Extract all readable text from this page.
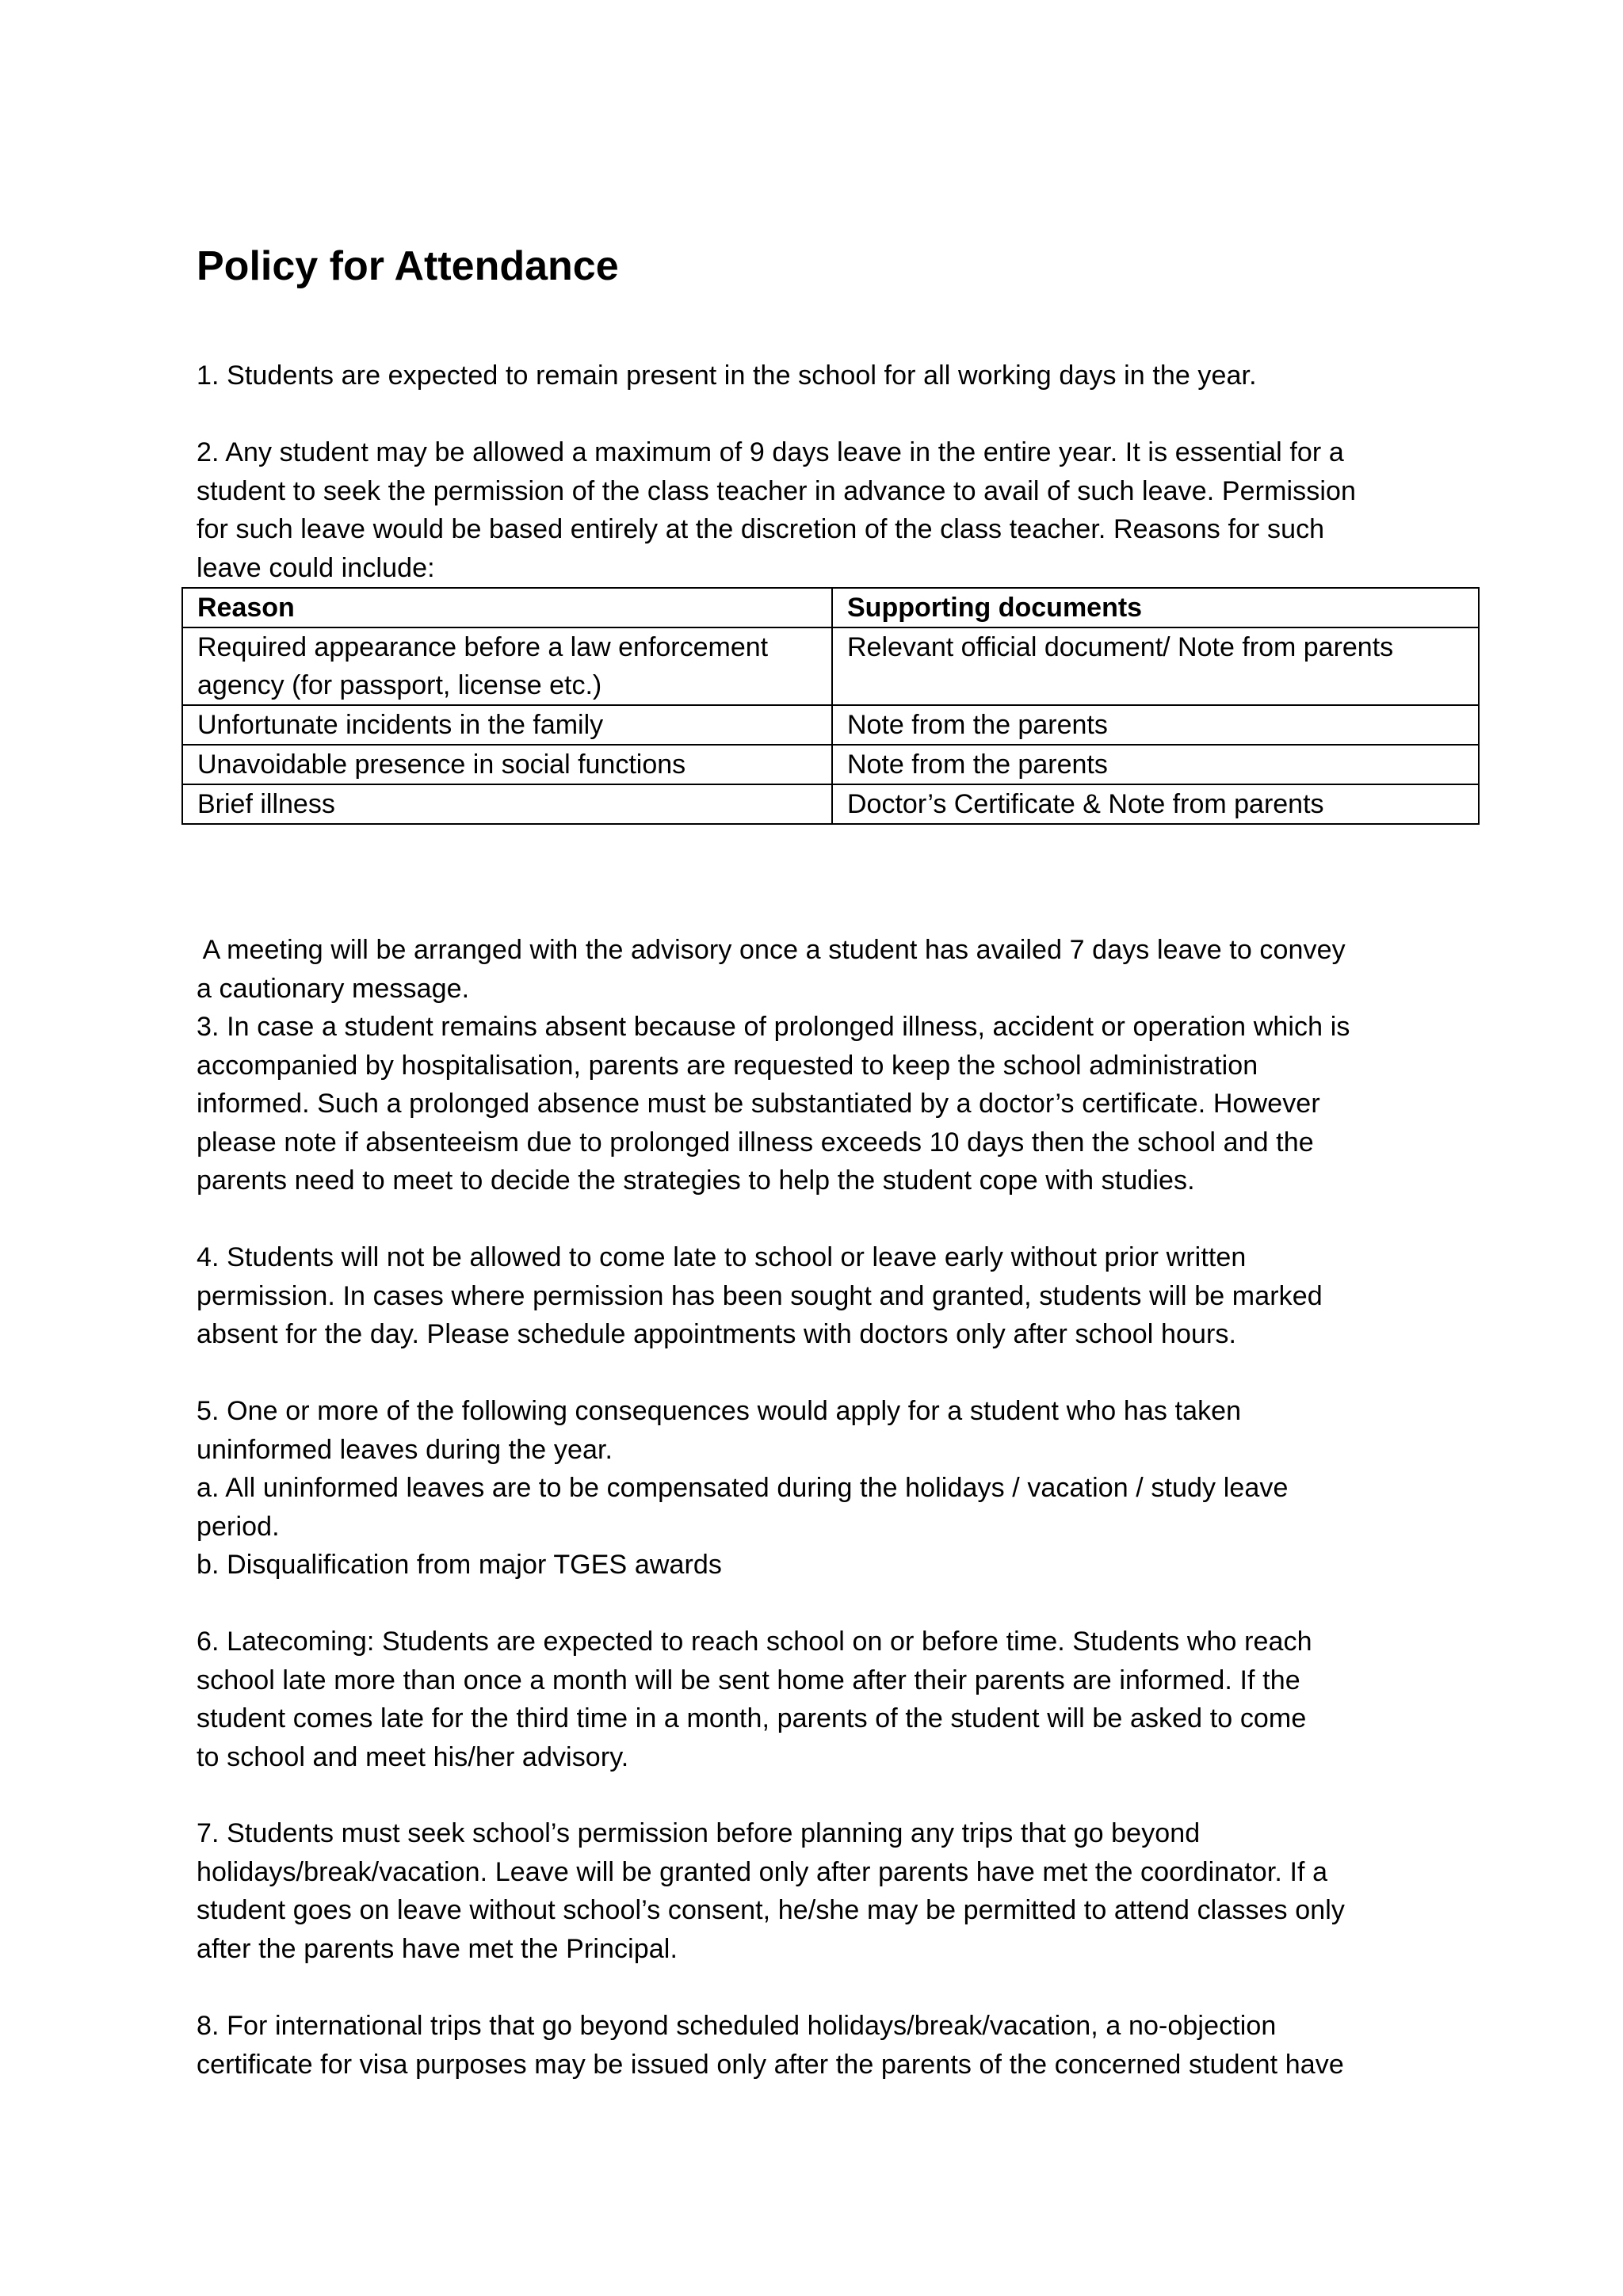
Policy for Attendance

1. Students are expected to remain present in the school for all working days in the year.

2. Any student may be allowed a maximum of 9 days leave in the entire year. It is essential for a
student to seek the permission of the class teacher in advance to avail of such leave. Permission
for such leave would be based entirely at the discretion of the class teacher. Reasons for such
leave could include:

Reason	Supporting documents

Required appearance before a law enforcement
agency (for passport, license etc.)	Relevant official document/ Note from parents
Unfortunate incidents in the family	Note from the parents
Unavoidable presence in social functions	Note from the parents
Brief illness	Doctor’s Certificate & Note from parents

A meeting will be arranged with the advisory once a student has availed 7 days leave to convey
a cautionary message.
3. In case a student remains absent because of prolonged illness, accident or operation which is
accompanied by hospitalisation, parents are requested to keep the school administration
informed. Such a prolonged absence must be substantiated by a doctor’s certificate. However
please note if absenteeism due to prolonged illness exceeds 10 days then the school and the
parents need to meet to decide the strategies to help the student cope with studies.

4. Students will not be allowed to come late to school or leave early without prior written
permission. In cases where permission has been sought and granted, students will be marked
absent for the day. Please schedule appointments with doctors only after school hours.

5. One or more of the following consequences would apply for a student who has taken
uninformed leaves during the year.
a. All uninformed leaves are to be compensated during the holidays / vacation / study leave
period.
b. Disqualification from major TGES awards

6. Latecoming: Students are expected to reach school on or before time. Students who reach
school late more than once a month will be sent home after their parents are informed. If the
student comes late for the third time in a month, parents of the student will be asked to come
to school and meet his/her advisory.

7. Students must seek school’s permission before planning any trips that go beyond
holidays/break/vacation. Leave will be granted only after parents have met the coordinator. If a
student goes on leave without school’s consent, he/she may be permitted to attend classes only
after the parents have met the Principal.

8. For international trips that go beyond scheduled holidays/break/vacation, a no-objection
certificate for visa purposes may be issued only after the parents of the concerned student have
